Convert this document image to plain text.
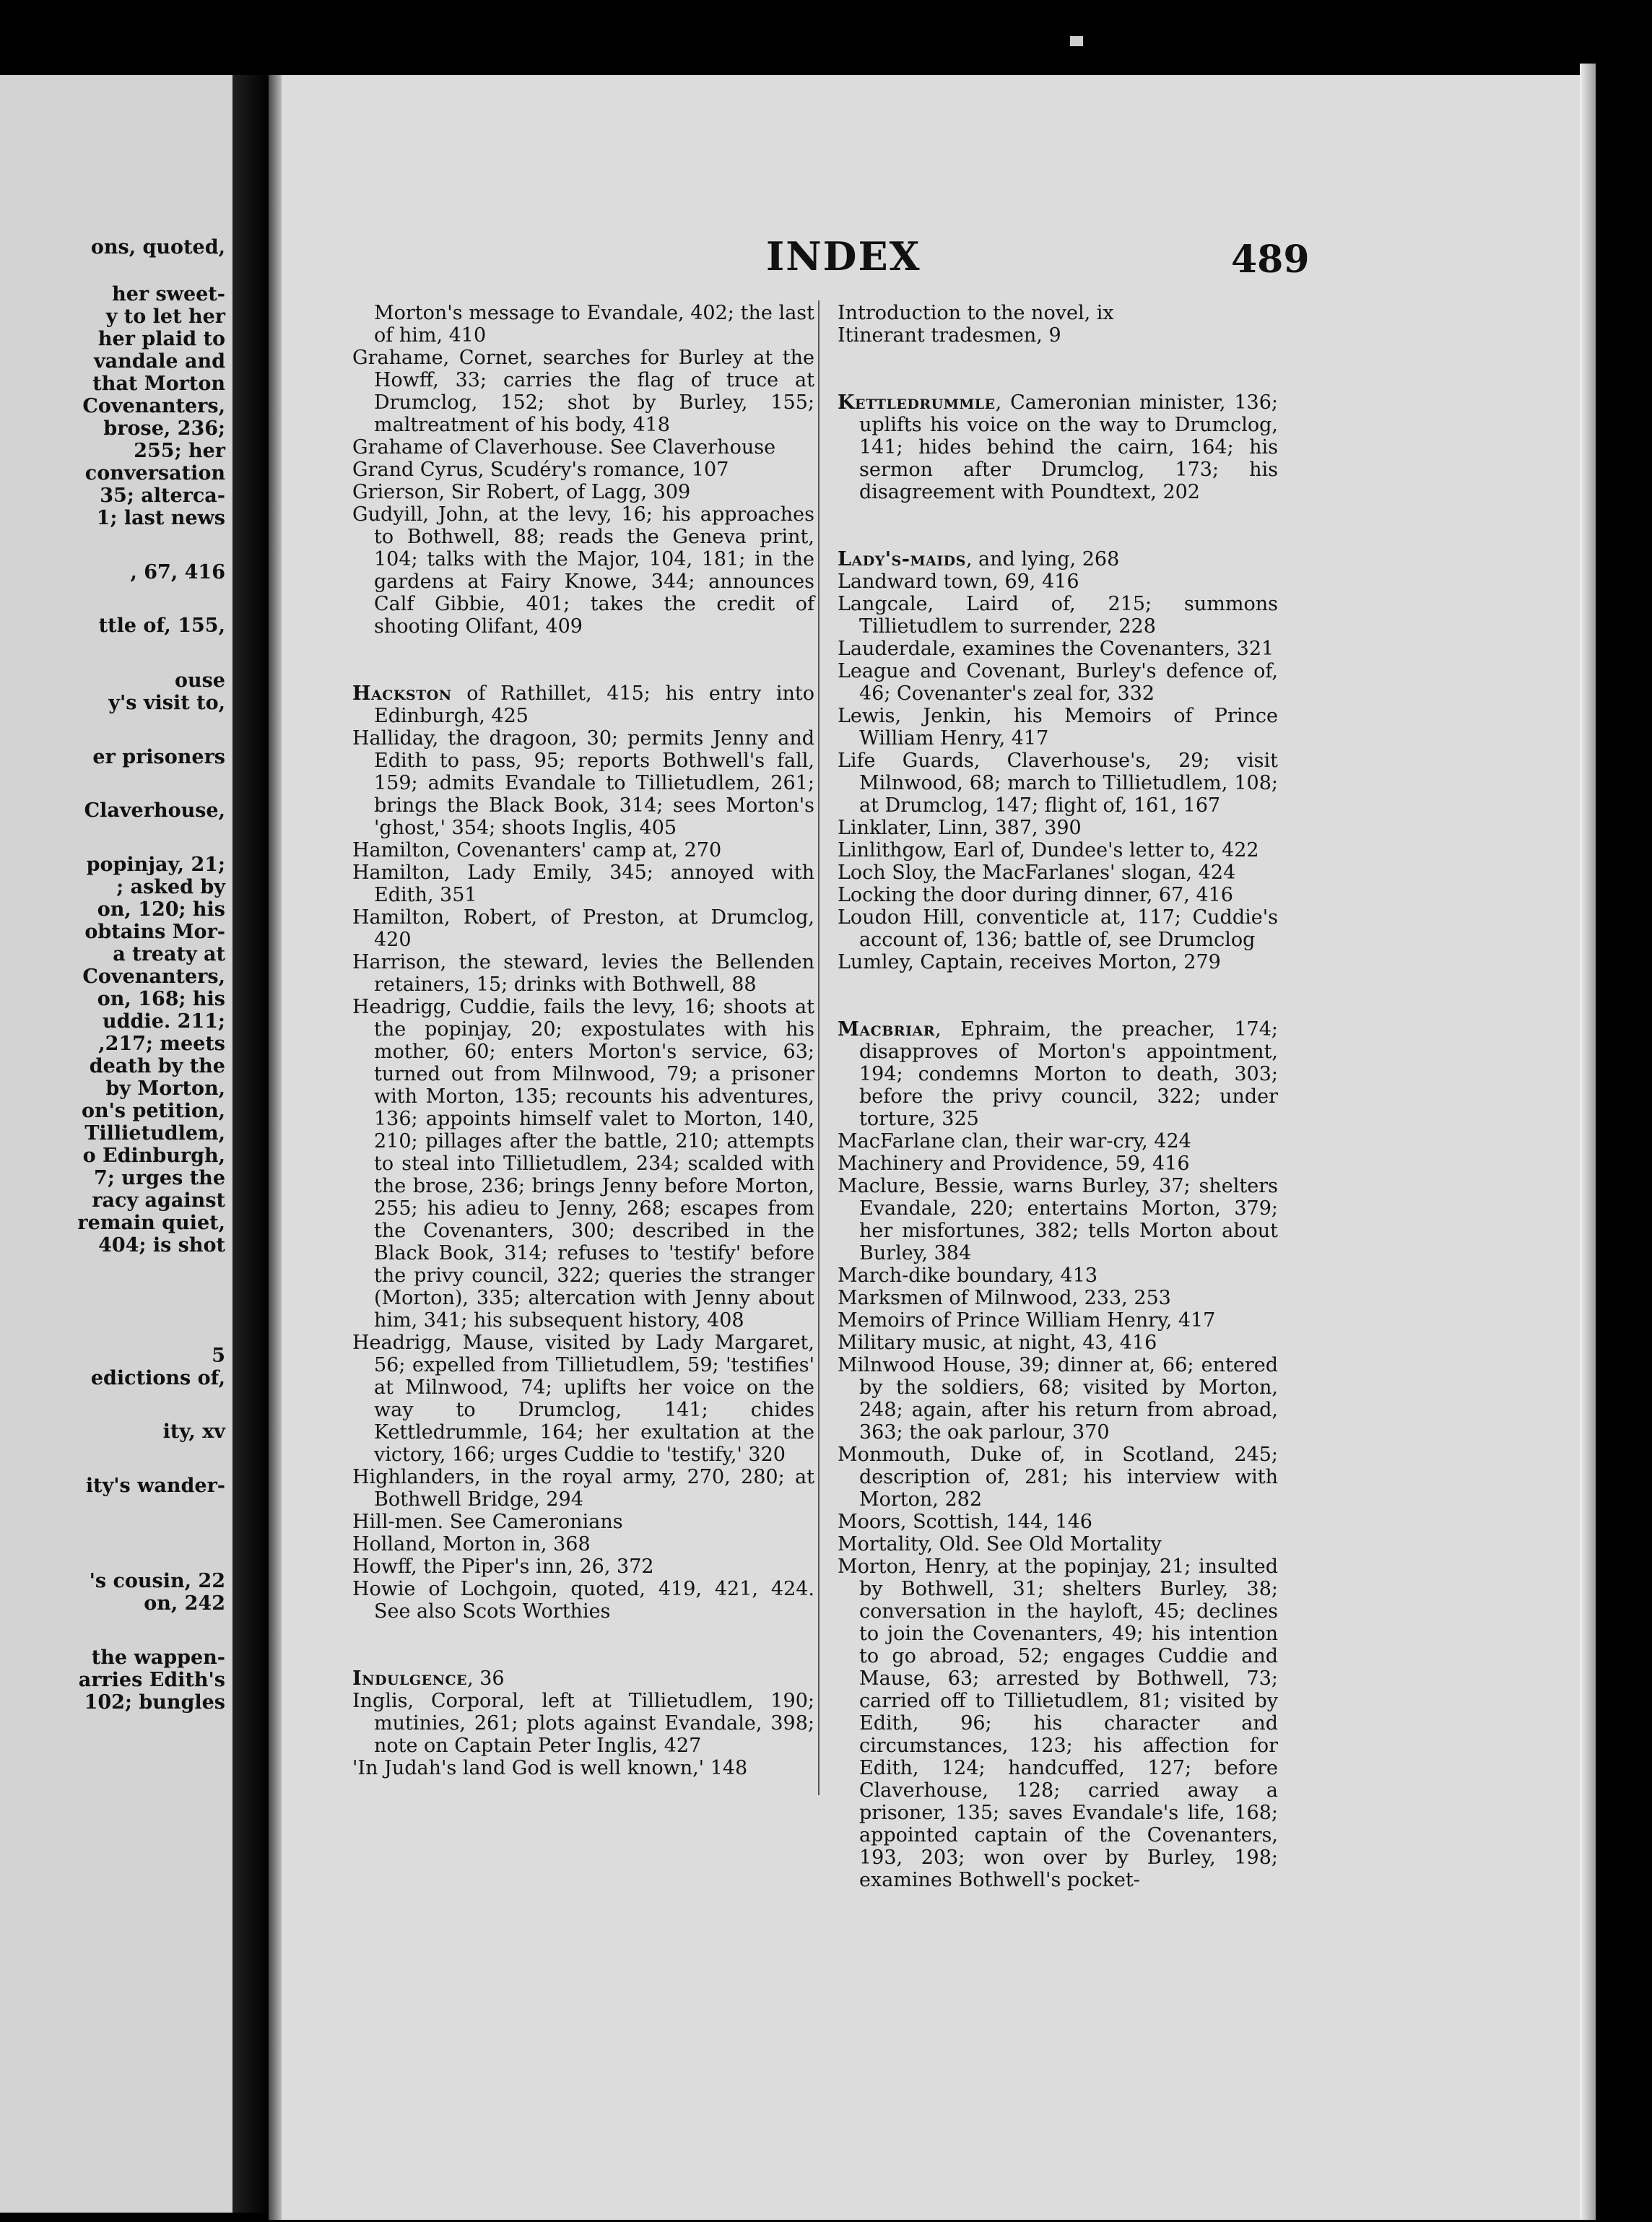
ons, quoted,
her sweet-
y to let her
her plaid to
vandale and
that Morton
Covenanters,
brose, 236;
255; her
conversation
35; alterca-
1; last news
, 67, 416
ttle of, 155,
ouse
y's visit to,
er prisoners
Claverhouse,
popinjay, 21;
; asked by
on, 120; his
obtains Mor-
a treaty at
Covenanters,
on, 168; his
uddie. 211;
,217; meets
death by the
by Morton,
on's petition,
Tillietudlem,
o Edinburgh,
7; urges the
racy against
remain quiet,
404; is shot
5
edictions of,
ity, xv
ity's wander-
's cousin, 22
on, 242
the wappen-
arries Edith's
102; bungles
INDEX	489

Morton's message to Evandale, 402; the last of him, 410

Grahame, Cornet, searches for Burley at the Howff, 33; carries the flag of truce at Drumclog, 152; shot by Burley, 155; maltreatment of his body, 418

Grahame of Claverhouse. See Claverhouse

Grand Cyrus, Scudéry's romance, 107

Grierson, Sir Robert, of Lagg, 309

Gudyill, John, at the levy, 16; his approaches to Bothwell, 88; reads the Geneva print, 104; talks with the Major, 104, 181; in the gardens at Fairy Knowe, 344; announces Calf Gibbie, 401; takes the credit of shooting Olifant, 409

Hackston of Rathillet, 415; his entry into Edinburgh, 425

Halliday, the dragoon, 30; permits Jenny and Edith to pass, 95; reports Bothwell's fall, 159; admits Evandale to Tillietudlem, 261; brings the Black Book, 314; sees Morton's 'ghost,' 354; shoots Inglis, 405

Hamilton, Covenanters' camp at, 270

Hamilton, Lady Emily, 345; annoyed with Edith, 351

Hamilton, Robert, of Preston, at Drumclog, 420

Harrison, the steward, levies the Bellenden retainers, 15; drinks with Bothwell, 88

Headrigg, Cuddie, fails the levy, 16; shoots at the popinjay, 20; expostulates with his mother, 60; enters Morton's service, 63; turned out from Milnwood, 79; a prisoner with Morton, 135; recounts his adventures, 136; appoints himself valet to Morton, 140, 210; pillages after the battle, 210; attempts to steal into Tillietudlem, 234; scalded with the brose, 236; brings Jenny before Morton, 255; his adieu to Jenny, 268; escapes from the Covenanters, 300; described in the Black Book, 314; refuses to 'testify' before the privy council, 322; queries the stranger (Morton), 335; altercation with Jenny about him, 341; his subsequent history, 408

Headrigg, Mause, visited by Lady Margaret, 56; expelled from Tillietudlem, 59; 'testifies' at Milnwood, 74; uplifts her voice on the way to Drumclog, 141; chides Kettledrummle, 164; her exultation at the victory, 166; urges Cuddie to 'testify,' 320

Highlanders, in the royal army, 270, 280; at Bothwell Bridge, 294

Hill-men. See Cameronians

Holland, Morton in, 368

Howff, the Piper's inn, 26, 372

Howie of Lochgoin, quoted, 419, 421, 424. See also Scots Worthies

Indulgence, 36

Inglis, Corporal, left at Tillietudlem, 190; mutinies, 261; plots against Evandale, 398; note on Captain Peter Inglis, 427

'In Judah's land God is well known,' 148

Introduction to the novel, ix

Itinerant tradesmen, 9

Kettledrummle, Cameronian minister, 136; uplifts his voice on the way to Drumclog, 141; hides behind the cairn, 164; his sermon after Drumclog, 173; his disagreement with Poundtext, 202

Lady's-maids, and lying, 268

Landward town, 69, 416

Langcale, Laird of, 215; summons Tillietudlem to surrender, 228

Lauderdale, examines the Covenanters, 321

League and Covenant, Burley's defence of, 46; Covenanter's zeal for, 332

Lewis, Jenkin, his Memoirs of Prince William Henry, 417

Life Guards, Claverhouse's, 29; visit Milnwood, 68; march to Tillietudlem, 108; at Drumclog, 147; flight of, 161, 167

Linklater, Linn, 387, 390

Linlithgow, Earl of, Dundee's letter to, 422

Loch Sloy, the MacFarlanes' slogan, 424

Locking the door during dinner, 67, 416

Loudon Hill, conventicle at, 117; Cuddie's account of, 136; battle of, see Drumclog

Lumley, Captain, receives Morton, 279

Macbriar, Ephraim, the preacher, 174; disapproves of Morton's appointment, 194; condemns Morton to death, 303; before the privy council, 322; under torture, 325

MacFarlane clan, their war-cry, 424

Machinery and Providence, 59, 416

Maclure, Bessie, warns Burley, 37; shelters Evandale, 220; entertains Morton, 379; her misfortunes, 382; tells Morton about Burley, 384

March-dike boundary, 413

Marksmen of Milnwood, 233, 253

Memoirs of Prince William Henry, 417

Military music, at night, 43, 416

Milnwood House, 39; dinner at, 66; entered by the soldiers, 68; visited by Morton, 248; again, after his return from abroad, 363; the oak parlour, 370

Monmouth, Duke of, in Scotland, 245; description of, 281; his interview with Morton, 282

Moors, Scottish, 144, 146

Mortality, Old. See Old Mortality

Morton, Henry, at the popinjay, 21; insulted by Bothwell, 31; shelters Burley, 38; conversation in the hayloft, 45; declines to join the Covenanters, 49; his intention to go abroad, 52; engages Cuddie and Mause, 63; arrested by Bothwell, 73; carried off to Tillietudlem, 81; visited by Edith, 96; his character and circumstances, 123; his affection for Edith, 124; handcuffed, 127; before Claverhouse, 128; carried away a prisoner, 135; saves Evandale's life, 168; appointed captain of the Covenanters, 193, 203; won over by Burley, 198; examines Bothwell's pocket-
